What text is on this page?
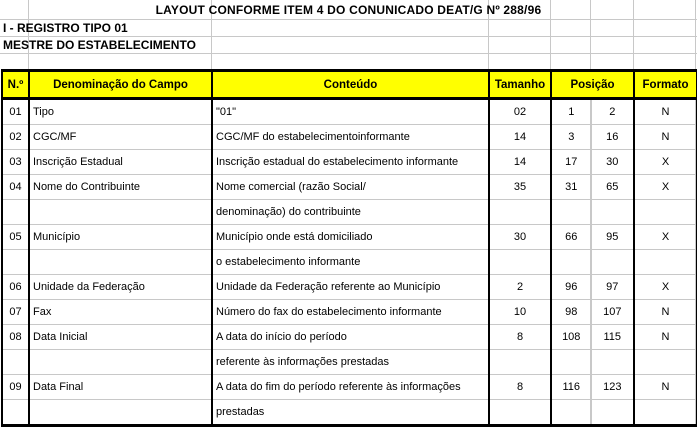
LAYOUT CONFORME ITEM 4 DO CONUNICADO DEAT/G Nº 288/96
I - REGISTRO TIPO 01
MESTRE DO ESTABELECIMENTO
N.º	Denominação do Campo	Conteúdo	Tamanho	Posição		Formato
01	Tipo	"01"	02	1	2	N
02	CGC/MF	CGC/MF do estabelecimentoinformante	14	3	16	N
03	Inscrição Estadual	Inscrição estadual do estabelecimento informante	14	17	30	X
04	Nome do Contribuinte	Nome comercial (razão Social/	35	31	65	X
		denominação) do contribuinte				
05	Município	Município onde está domiciliado	30	66	95	X
		o estabelecimento informante				
06	Unidade da Federação	Unidade da Federação referente ao Município	2	96	97	X
07	Fax	Número do fax do estabelecimento informante	10	98	107	N
08	Data Inicial	A data do início do período	8	108	115	N
		referente às informações prestadas				
09	Data Final	A data do fim do período referente às informações	8	116	123	N
		prestadas				
